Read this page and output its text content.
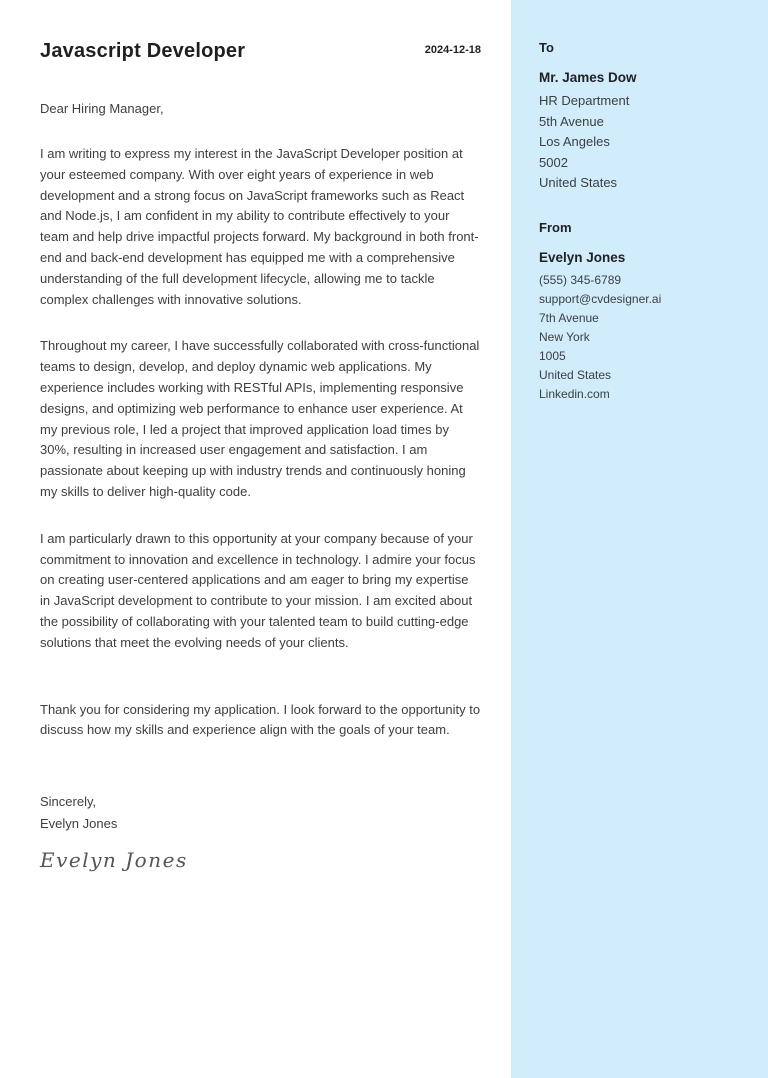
Javascript Developer	2024-12-18
Dear Hiring Manager,
I am writing to express my interest in the JavaScript Developer position at your esteemed company. With over eight years of experience in web development and a strong focus on JavaScript frameworks such as React and Node.js, I am confident in my ability to contribute effectively to your team and help drive impactful projects forward. My background in both front-end and back-end development has equipped me with a comprehensive understanding of the full development lifecycle, allowing me to tackle complex challenges with innovative solutions.
Throughout my career, I have successfully collaborated with cross-functional teams to design, develop, and deploy dynamic web applications. My experience includes working with RESTful APIs, implementing responsive designs, and optimizing web performance to enhance user experience. At my previous role, I led a project that improved application load times by 30%, resulting in increased user engagement and satisfaction. I am passionate about keeping up with industry trends and continuously honing my skills to deliver high-quality code.
I am particularly drawn to this opportunity at your company because of your commitment to innovation and excellence in technology. I admire your focus on creating user-centered applications and am eager to bring my expertise in JavaScript development to contribute to your mission. I am excited about the possibility of collaborating with your talented team to build cutting-edge solutions that meet the evolving needs of your clients.
Thank you for considering my application. I look forward to the opportunity to discuss how my skills and experience align with the goals of your team.
Sincerely,
Evelyn Jones
Evelyn Jones
To
Mr. James Dow
HR Department
5th Avenue
Los Angeles
5002
United States
From
Evelyn Jones
(555) 345-6789
support@cvdesigner.ai
7th Avenue
New York
1005
United States
Linkedin.com
